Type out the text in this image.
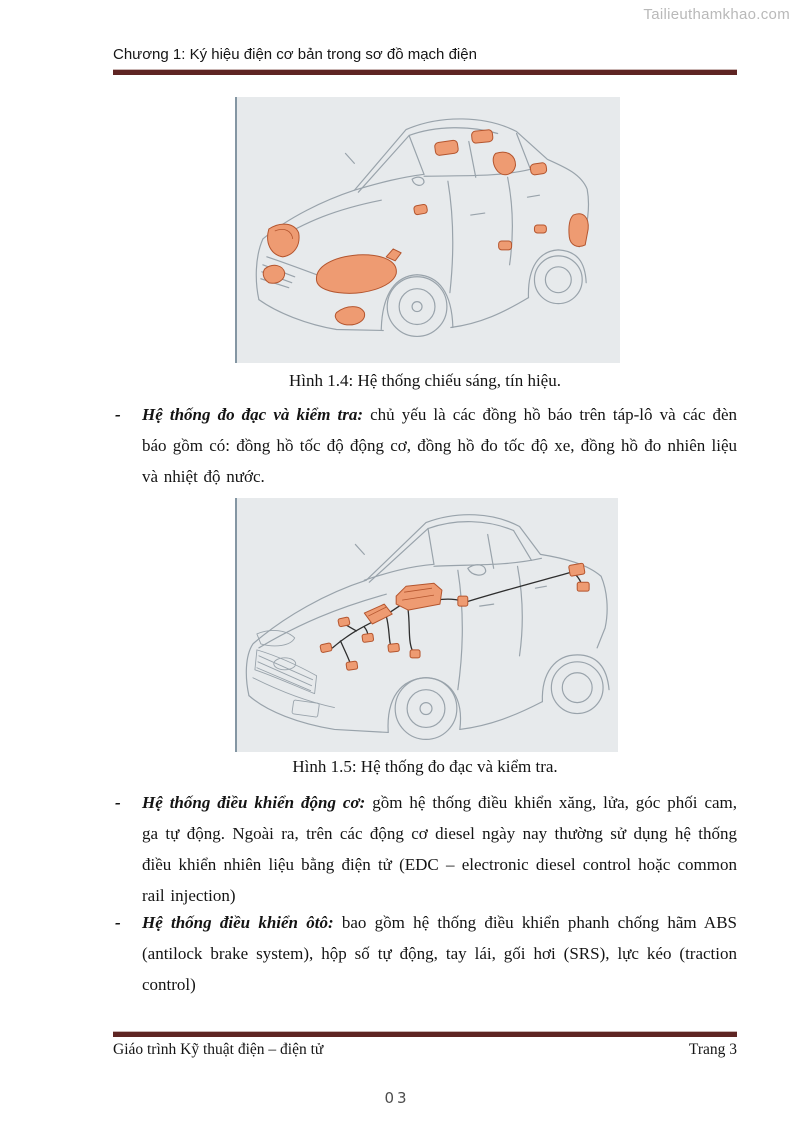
Tailieuthamkhao.com
Chương 1: Ký hiệu điện cơ bản trong sơ đồ mạch điện
Hình 1.4: Hệ thống chiếu sáng, tín hiệu.
- Hệ thống đo đạc và kiểm tra: chủ yếu là các đồng hồ báo trên táp-lô và các đèn báo gồm có: đồng hồ tốc độ động cơ, đồng hồ đo tốc độ xe, đồng hồ đo nhiên liệu và nhiệt độ nước.
Hình 1.5: Hệ thống đo đạc và kiểm tra.
- Hệ thống điều khiển động cơ: gồm hệ thống điều khiển xăng, lửa, góc phối cam, ga tự động. Ngoài ra, trên các động cơ diesel ngày nay thường sử dụng hệ thống điều khiển nhiên liệu bằng điện tử (EDC – electronic diesel control hoặc common rail injection)
- Hệ thống điều khiển ôtô: bao gồm hệ thống điều khiển phanh chống hãm ABS (antilock brake system), hộp số tự động, tay lái, gối hơi (SRS), lực kéo (traction control)
Giáo trình Kỹ thuật điện – điện tử	Trang 3
03
